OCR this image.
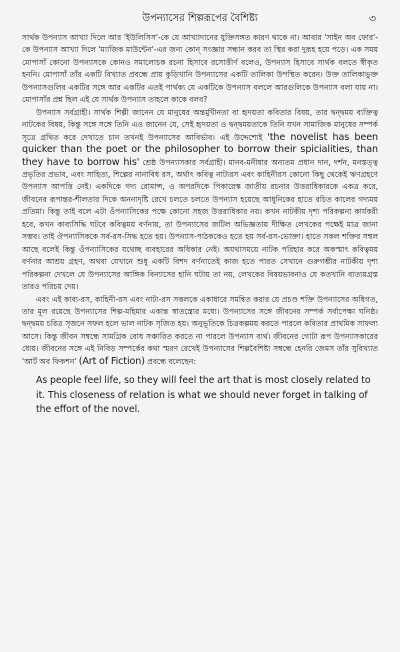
উপন্যাসের শিল্পরূপের বৈশিষ্ট্য	৩

সার্থক উপন্যাস আখ্যা দিলে আর 'ইউলিসিস'-কে যে আখ্যাদানের যুক্তিসঙ্গত কারণ থাকে না। আবার 'সাইন অব ফোর'-কে উপন্যাস আখ্যা দিলে 'ম্যাজিক মাউন্টেন'-এর জন্য কোন্ সংজ্ঞার সন্ধান করব তা স্থির করা দুরূহ হয়ে পড়ে। এক সময় মোপাসাঁ কোনো উপন্যাসকে কোনও সমালোচক রচনা হিসাবে রসোত্তীর্ণ বলেও, উপন্যাস হিসাবে সার্থক বলতে স্বীকৃত হননি। মোপাসাঁ তাঁর একটি বিখ্যাত প্রবন্ধে প্রায় কুড়িখানি উপন্যাসের একটি তালিকা উপস্থিত করেন। উক্ত তালিকাভুক্ত উপন্যাসগুলির একটির সঙ্গে আর একটির এতই পার্থক্য যে একটিকে উপন্যাস বললে আরগুলিকে উপন্যাস বলা যায় না। মোপাসাঁর প্রশ্ন ছিল এই যে সার্থক উপন্যাস তাহলে কাকে বলব?

উপন্যাস সর্বগ্রাহী। সার্থক শিল্পী জানেন যে মানুষের অন্তর্মুখীনতা বা হৃদয়তা কবিতার বিষয়, তার দ্বন্দ্বময় ব্যক্তিত্ব নাটকের বিষয়, কিন্তু সঙ্গে সঙ্গে তিনি এও জানেন যে, সেই হৃদয়তা ও দ্বন্দ্বময়তাকে তিনি যখন সামাজিক মানুষের সম্পর্ক সূত্রে গ্রথিত করে দেখাতে চান তখনই উপন্যাসের আবির্ভাব। এই উদ্দেশ্যেই 'the novelist has been quicker than the poet or the philosopher to borrow their spicialities, than they have to borrow his' শ্রেষ্ঠ উপন্যাসকার সর্বগ্রাহী। মানব-মনীষার অন্যতম প্রধান দান, দর্শন, মনস্তত্ত্ব প্রভৃতির প্রভাব, এবং সাহিত্য, শিল্পের নানাবিধ রস, অর্থাৎ কবিত্ব নাট্যরস এবং কাহিনীরস কোনো কিছু থেকেই ঋণগ্রহণে উপন্যাস আপত্তি নেই। একদিকে গদ্য রোমান্স, ও অপরদিকে পিকারেস্ক জাতীয় রচনার উত্তরাধিকারকে একত্র করে, জীবনের রূপান্তর-শীলতার দিকে অনন্যদৃষ্টি রেখে চলতে চলতে উপন্যাস হয়েছে আধুনিকের হাতে রচিত কালের গদ্যময় প্রতিমা। কিন্তু তাই বলে এটা ওঁপন্যাসিকের পক্ষে কোনো সহজ উত্তরাধিকার নয়। কখন নাটকীয় দৃশ্য পরিকল্পনা কার্যকরী হবে, কখন কাব্যসিদ্ধি ঘটবে কবিত্বময় বর্ণনায়, তা উপন্যাসের জটিল অভিজ্ঞতায় দীক্ষিত লেখকের পক্ষেই মাত্র জানা সম্ভব। তাই ঔপন্যাসিককে সর্ব-রস-সিদ্ধ হতে হয়। উপন্যাস-পাঠককেও হতে হয় সর্ব-রস-ভোক্তা। হাতে সকল শক্তির সম্বল আছে বলেই কিন্তু ওঁপন্যাসিকের যথেচ্ছ ব্যবহারের অধিকার নেই। অযথাসময়ে নাটক পরিহার করে অকস্মাৎ কবিত্বময় বর্ণনার আশ্রয় গ্রহণ, অথবা যেখানে শুধু একটি বিশদ বর্ণনাতেই কাজ হতে পারত সেখানে গুরুগম্ভীর নাটকীয় দৃশ্য পরিকল্পনা দেখলে যে উপন্যাসের আঙ্গিক বিন্যাসের হানি ঘটায় তা নয়, লেখকের বিষয়ভাবনাও যে কতখানি বাত্যয়গ্রস্ত তারও পরিচয় দেয়।

এবং এই কাব্য-রস, কাহিনী-রস এবং নাট্য-রস সকলকে একাধারে সমন্বিত করার যে প্রচণ্ড শক্তি উপন্যাসের অধিগত, তার মূল রয়েছে উপন্যাসের শিল্প-মহিমার একান্ত স্বাতন্ত্র্যের মধ্যে। উপন্যাসের সঙ্গে জীবনের সম্পর্ক সর্বাপেক্ষা ঘনিষ্ঠ। দ্বন্দ্বময় চরিত্র সৃজনে সফল হলে ভাল নাটক সৃজিত হয়। অনুভূতিকে চিত্রকল্পময় করতে পারলে কবিতার প্রাথমিক সাফল্য আসে। কিন্তু জীবন সম্বন্ধে সামগ্রিক বোধ সঞ্চারিত করতে না পারলে উপন্যাস ব্যর্থ। জীবনের গোটা রূপ উপন্যাসকারের ধ্যেয়। জীবনের সঙ্গে এই নিবিড় সম্পর্কের কথা স্মরণ রেখেই উপন্যাসের শিল্পবৈশিষ্ট্য সম্বন্ধে হেনরি জেমস তাঁর সুবিখ্যাত 'আর্ট অব ফিকশন' (Art of Fiction) প্রবন্ধে বলেছেন:

As people feel life, so they will feel the art that is most closely related to it. This closeness of relation is what we should never forget in talking of the effort of the novel.
